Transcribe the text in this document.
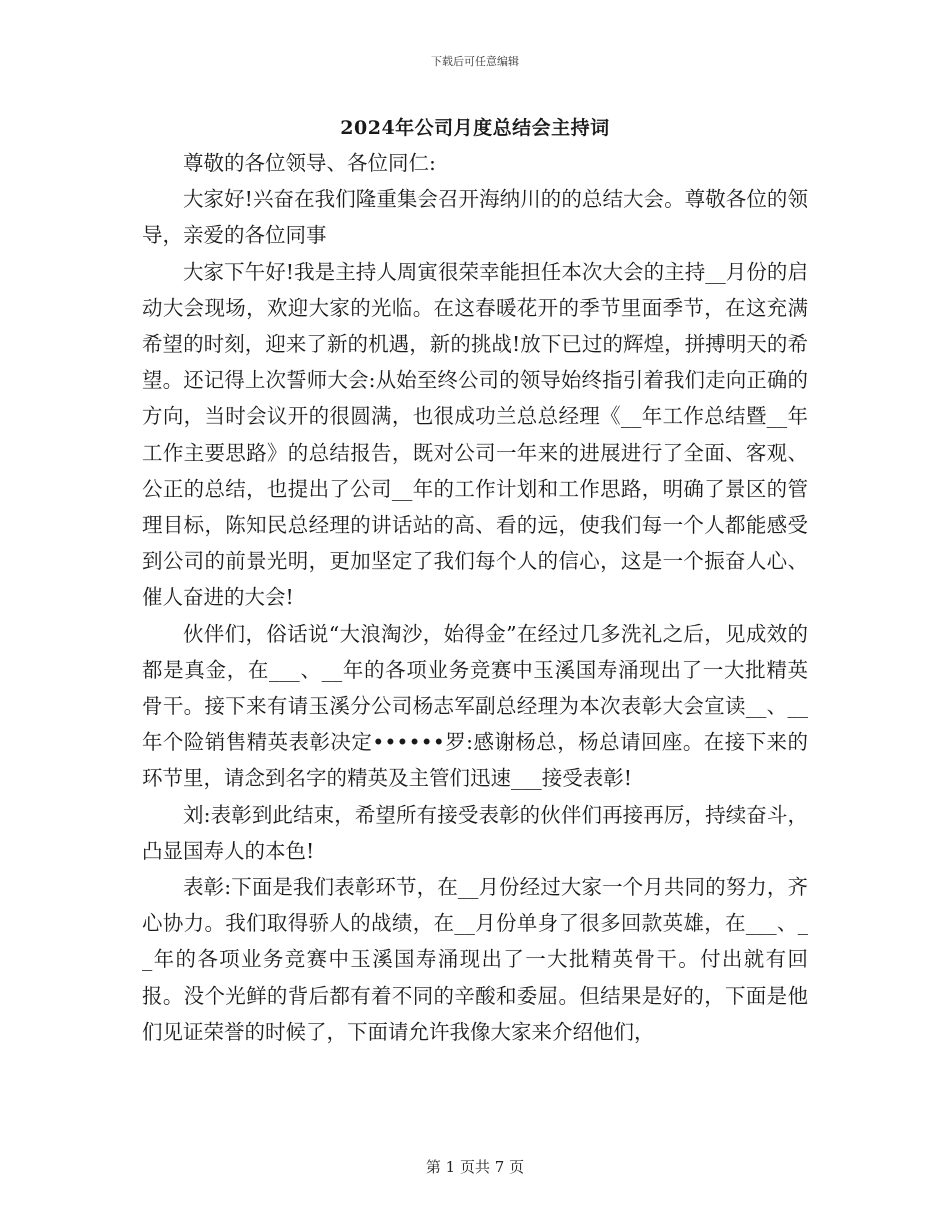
下载后可任意编辑
2024年公司月度总结会主持词

尊敬的各位领导、各位同仁:

大家好!兴奋在我们隆重集会召开海纳川的的总结大会。尊敬各位的领导，亲爱的各位同事

大家下午好!我是主持人周寅很荣幸能担任本次大会的主持__月份的启动大会现场，欢迎大家的光临。在这春暖花开的季节里面季节，在这充满希望的时刻，迎来了新的机遇，新的挑战!放下已过的辉煌，拼搏明天的希望。还记得上次誓师大会:从始至终公司的领导始终指引着我们走向正确的方向，当时会议开的很圆满，也很成功兰总总经理《__年工作总结暨__年工作主要思路》的总结报告，既对公司一年来的进展进行了全面、客观、公正的总结，也提出了公司__年的工作计划和工作思路，明确了景区的管理目标，陈知民总经理的讲话站的高、看的远，使我们每一个人都能感受到公司的前景光明，更加坚定了我们每个人的信心，这是一个振奋人心、催人奋进的大会!

伙伴们，俗话说“大浪淘沙，始得金”在经过几多洗礼之后，见成效的都是真金，在___、__年的各项业务竞赛中玉溪国寿涌现出了一大批精英骨干。接下来有请玉溪分公司杨志军副总经理为本次表彰大会宣读__、__年个险销售精英表彰决定••••••罗:感谢杨总，杨总请回座。在接下来的环节里，请念到名字的精英及主管们迅速___接受表彰!

刘:表彰到此结束，希望所有接受表彰的伙伴们再接再厉，持续奋斗，凸显国寿人的本色!

表彰:下面是我们表彰环节，在__月份经过大家一个月共同的努力，齐心协力。我们取得骄人的战绩，在__月份单身了很多回款英雄，在___、__年的各项业务竞赛中玉溪国寿涌现出了一大批精英骨干。付出就有回报。没个光鲜的背后都有着不同的辛酸和委屈。但结果是好的，下面是他们见证荣誉的时候了，下面请允许我像大家来介绍他们，

第 1 页共 7 页
